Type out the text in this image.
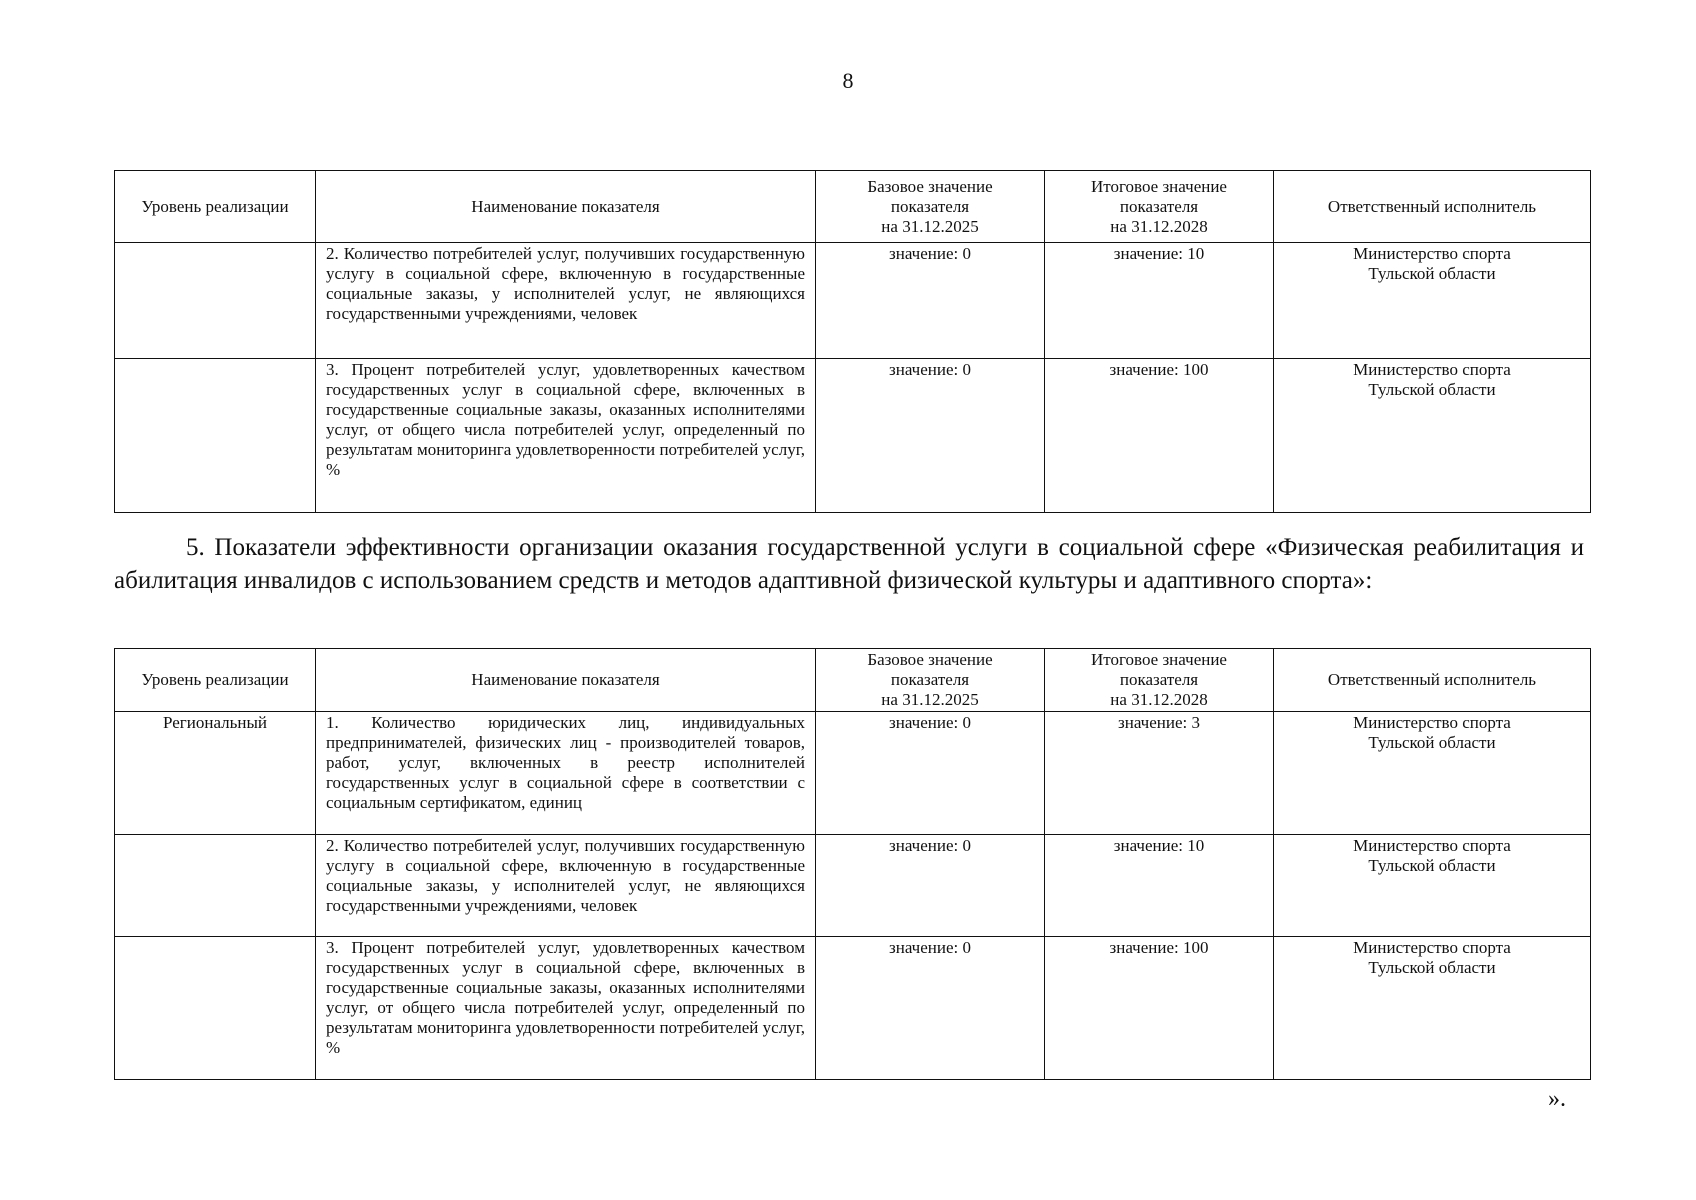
8
Уровень реализации	Наименование показателя	Базовое значение
показателя
на 31.12.2025	Итоговое значение
показателя
на 31.12.2028	Ответственный исполнитель
	2. Количество потребителей услуг, получивших государственную услугу в социальной сфере, включенную в государственные социальные заказы, у исполнителей услуг, не являющихся государственными учреждениями, человек	значение: 0	значение: 10	Министерство спорта
Тульской области

	3. Процент потребителей услуг, удовлетворенных качеством государственных услуг в социальной сфере, включенных в государственные социальные заказы, оказанных исполнителями услуг, от общего числа потребителей услуг, определенный по результатам мониторинга удовлетворенности потребителей услуг, %	значение: 0	значение: 100	Министерство спорта
Тульской области

5. Показатели эффективности организации оказания государственной услуги в социальной сфере «Физическая реабилитация и абилитация инвалидов с использованием средств и методов адаптивной физической культуры и адаптивного спорта»:

Уровень реализации	Наименование показателя	Базовое значение
показателя
на 31.12.2025	Итоговое значение
показателя
на 31.12.2028	Ответственный исполнитель
Региональный	1. Количество юридических лиц, индивидуальных предпринимателей, физических лиц - производителей товаров, работ, услуг, включенных в реестр исполнителей государственных услуг в социальной сфере в соответствии с социальным сертификатом, единиц	значение: 0	значение: 3	Министерство спорта
Тульской области

	2. Количество потребителей услуг, получивших государственную услугу в социальной сфере, включенную в государственные социальные заказы, у исполнителей услуг, не являющихся государственными учреждениями, человек	значение: 0	значение: 10	Министерство спорта
Тульской области

	3. Процент потребителей услуг, удовлетворенных качеством государственных услуг в социальной сфере, включенных в государственные социальные заказы, оказанных исполнителями услуг, от общего числа потребителей услуг, определенный по результатам мониторинга удовлетворенности потребителей услуг, %	значение: 0	значение: 100	Министерство спорта
Тульской области
».
